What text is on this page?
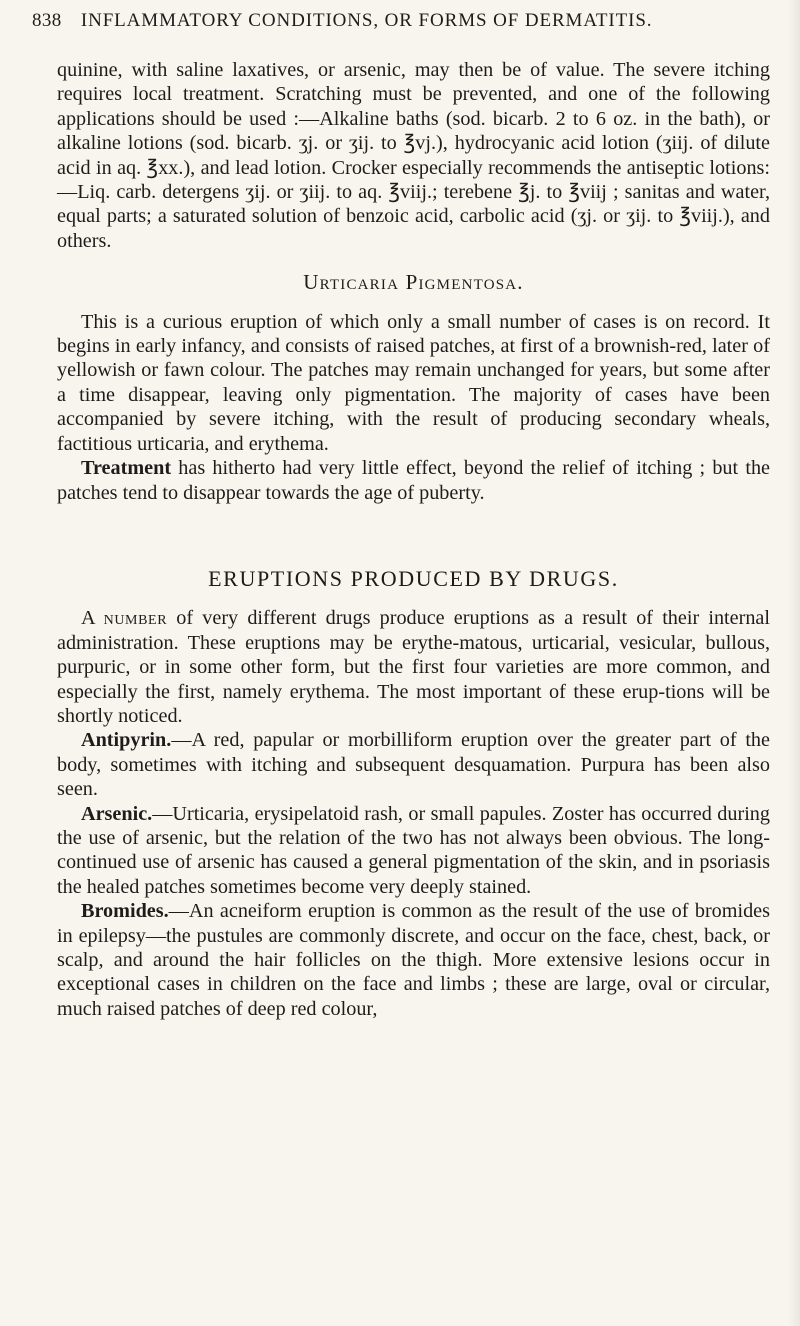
838 INFLAMMATORY CONDITIONS, OR FORMS OF DERMATITIS.

quinine, with saline laxatives, or arsenic, may then be of value. The severe itching requires local treatment. Scratching must be prevented, and one of the following applications should be used :—Alkaline baths (sod. bicarb. 2 to 6 oz. in the bath), or alkaline lotions (sod. bicarb. ʒj. or ʒij. to ℥vj.), hydrocyanic acid lotion (ʒiij. of dilute acid in aq. ℥xx.), and lead lotion. Crocker especially recommends the antiseptic lotions:—Liq. carb. detergens ʒij. or ʒiij. to aq. ℥viij.; terebene ℥j. to ℥viij ; sanitas and water, equal parts; a saturated solution of benzoic acid, carbolic acid (ʒj. or ʒij. to ℥viij.), and others.

Urticaria Pigmentosa.

This is a curious eruption of which only a small number of cases is on record. It begins in early infancy, and consists of raised patches, at first of a brownish-red, later of yellowish or fawn colour. The patches may remain unchanged for years, but some after a time disappear, leaving only pigmentation. The majority of cases have been accompanied by severe itching, with the result of producing secondary wheals, factitious urticaria, and erythema.

Treatment has hitherto had very little effect, beyond the relief of itching ; but the patches tend to disappear towards the age of puberty.

ERUPTIONS PRODUCED BY DRUGS.

A number of very different drugs produce eruptions as a result of their internal administration. These eruptions may be erythe-matous, urticarial, vesicular, bullous, purpuric, or in some other form, but the first four varieties are more common, and especially the first, namely erythema. The most important of these erup-tions will be shortly noticed.

Antipyrin.—A red, papular or morbilliform eruption over the greater part of the body, sometimes with itching and subsequent desquamation. Purpura has been also seen.

Arsenic.—Urticaria, erysipelatoid rash, or small papules. Zoster has occurred during the use of arsenic, but the relation of the two has not always been obvious. The long-continued use of arsenic has caused a general pigmentation of the skin, and in psoriasis the healed patches sometimes become very deeply stained.

Bromides.—An acneiform eruption is common as the result of the use of bromides in epilepsy—the pustules are commonly discrete, and occur on the face, chest, back, or scalp, and around the hair follicles on the thigh. More extensive lesions occur in exceptional cases in children on the face and limbs ; these are large, oval or circular, much raised patches of deep red colour,
